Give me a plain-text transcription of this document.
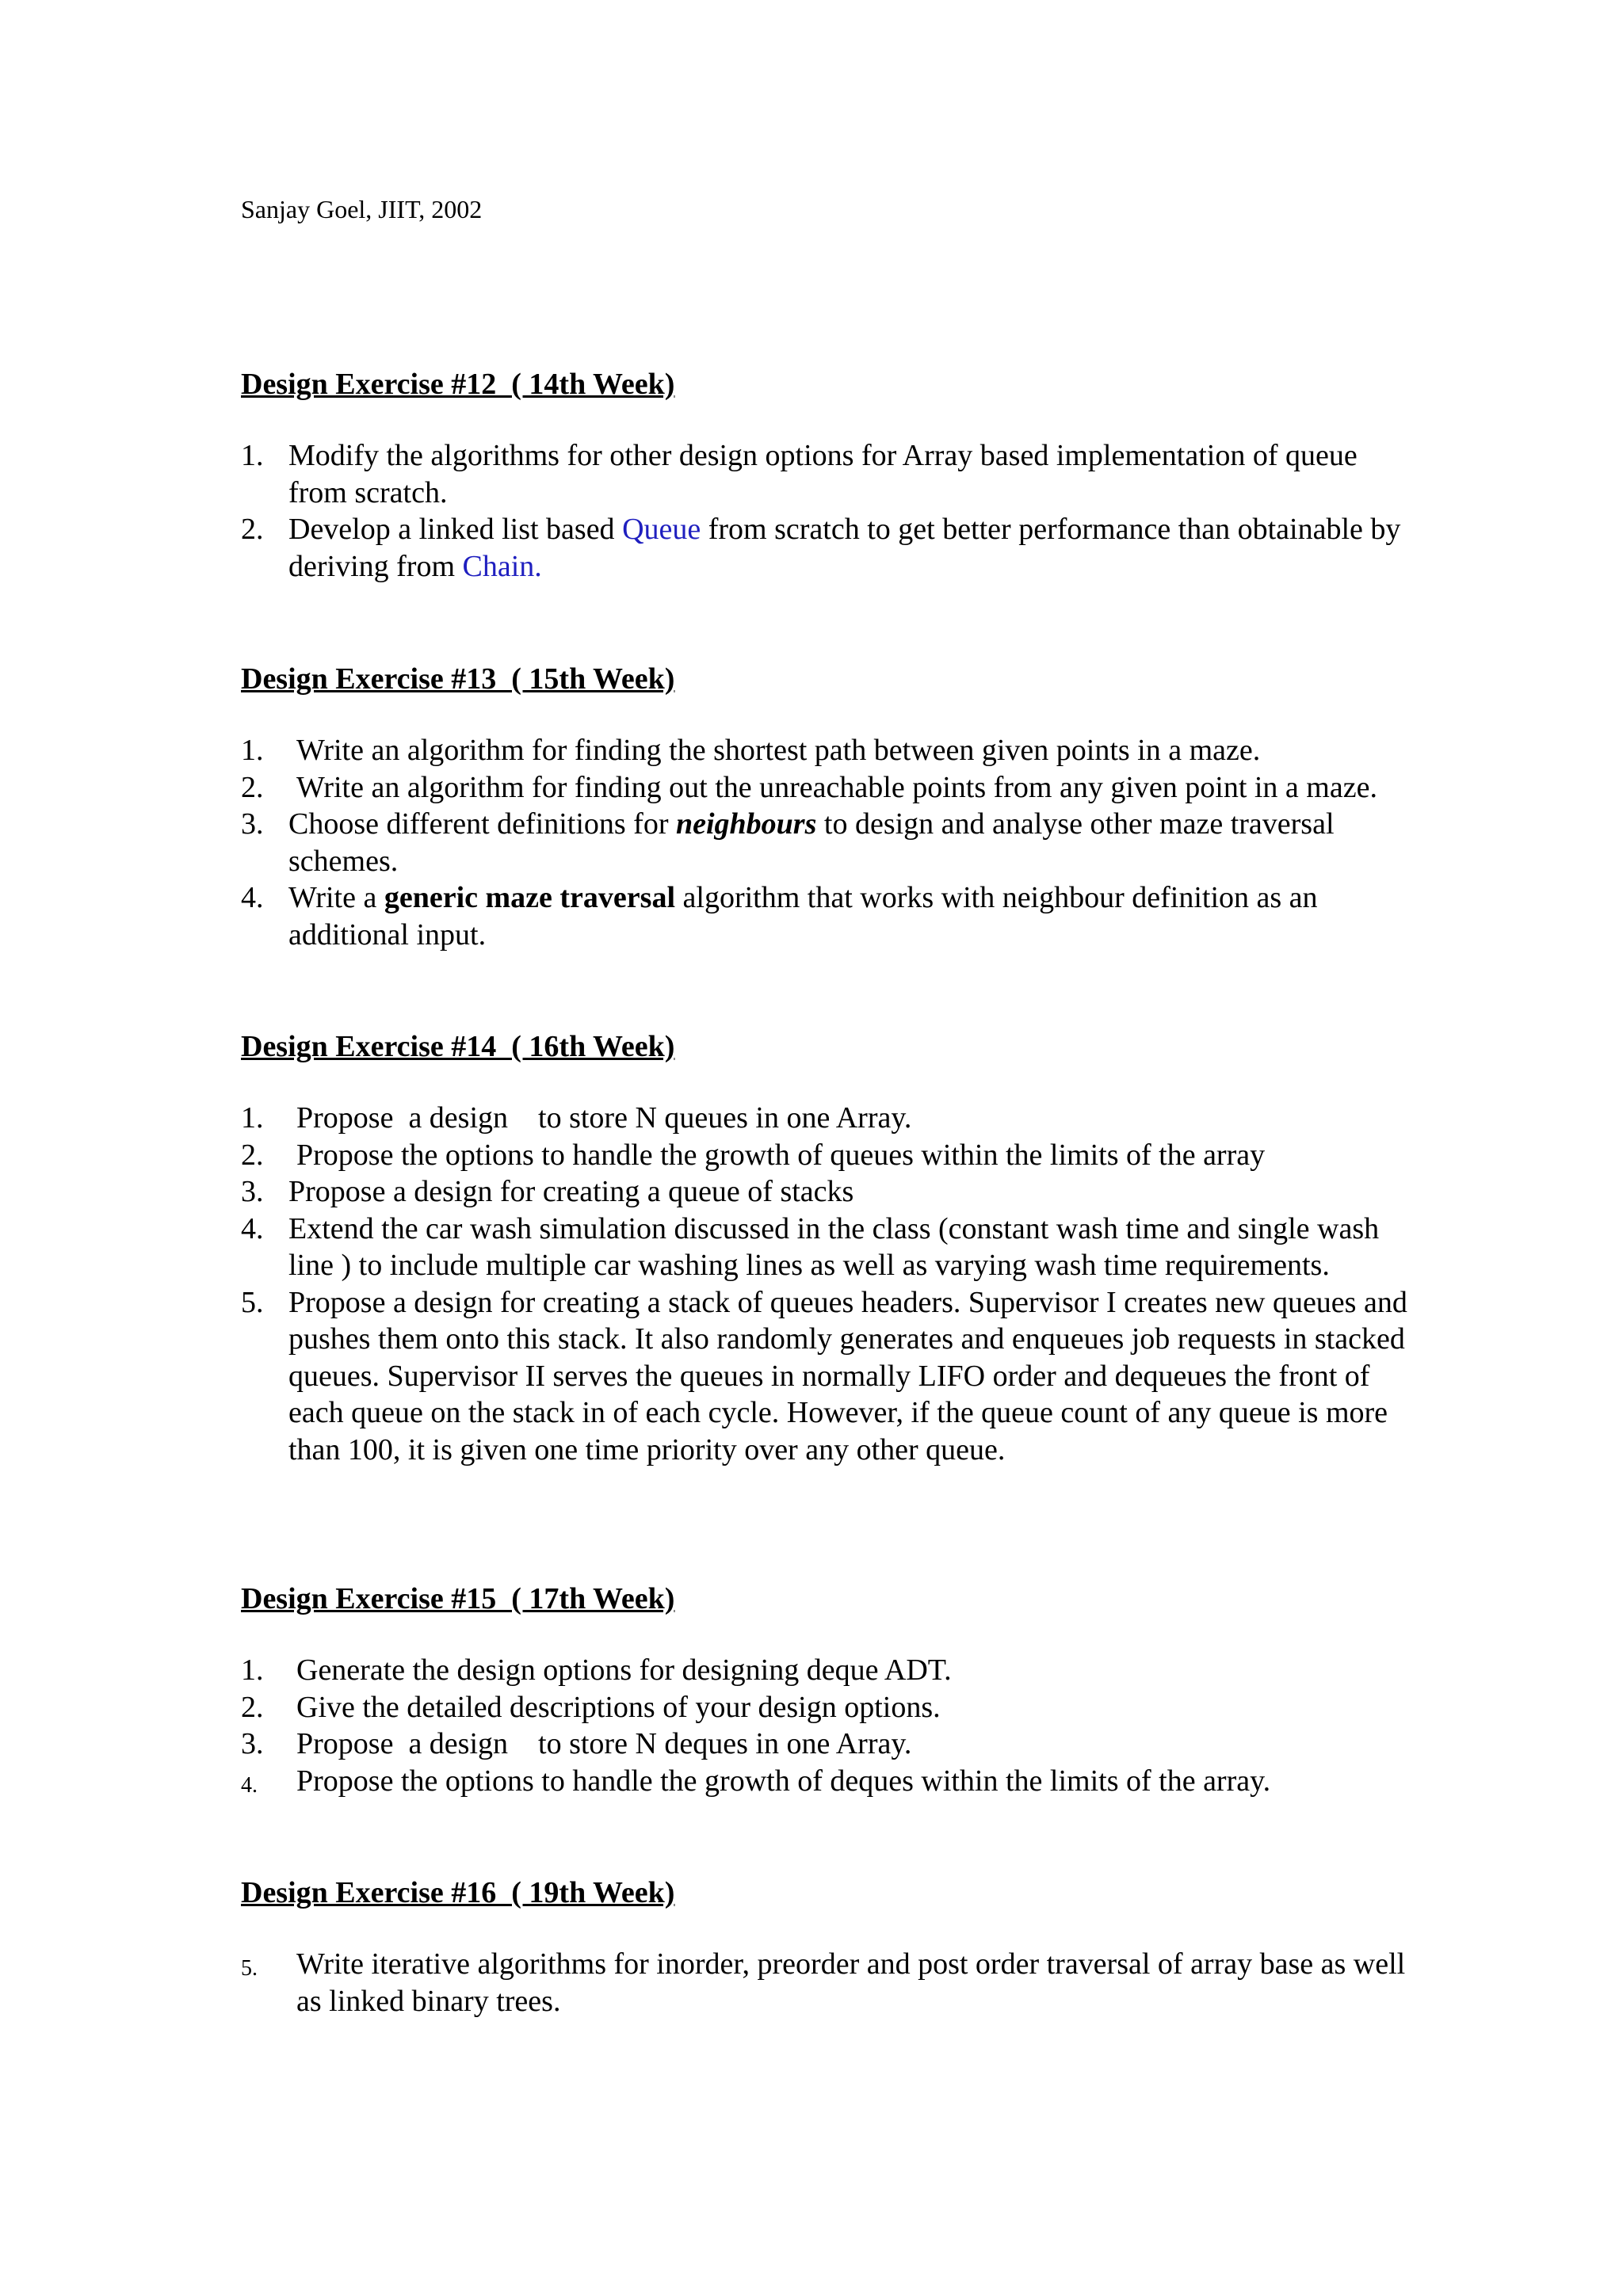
Sanjay Goel, JIIT, 2002
Design Exercise #12  ( 14th Week)
1. Modify the algorithms for other design options for Array based implementation of queue from scratch.
2. Develop a linked list based Queue from scratch to get better performance than obtainable by deriving from Chain.
Design Exercise #13  ( 15th Week)
1. Write an algorithm for finding the shortest path between given points in a maze.
2. Write an algorithm for finding out the unreachable points from any given point in a maze.
3. Choose different definitions for neighbours to design and analyse other maze traversal schemes.
4. Write a generic maze traversal algorithm that works with neighbour definition as an additional input.
Design Exercise #14  ( 16th Week)
1. Propose  a design    to store N queues in one Array.
2. Propose the options to handle the growth of queues within the limits of the array
3. Propose a design for creating a queue of stacks
4. Extend the car wash simulation discussed in the class (constant wash time and single wash line ) to include multiple car washing lines as well as varying wash time requirements.
5. Propose a design for creating a stack of queues headers. Supervisor I creates new queues and pushes them onto this stack. It also randomly generates and enqueues job requests in stacked queues. Supervisor II serves the queues in normally LIFO order and dequeues the front of each queue on the stack in of each cycle. However, if the queue count of any queue is more than 100, it is given one time priority over any other queue.
Design Exercise #15  ( 17th Week)
1. Generate the design options for designing deque ADT.
2. Give the detailed descriptions of your design options.
3. Propose  a design    to store N deques in one Array.
4. Propose the options to handle the growth of deques within the limits of the array.
Design Exercise #16  ( 19th Week)
5. Write iterative algorithms for inorder, preorder and post order traversal of array base as well as linked binary trees.
